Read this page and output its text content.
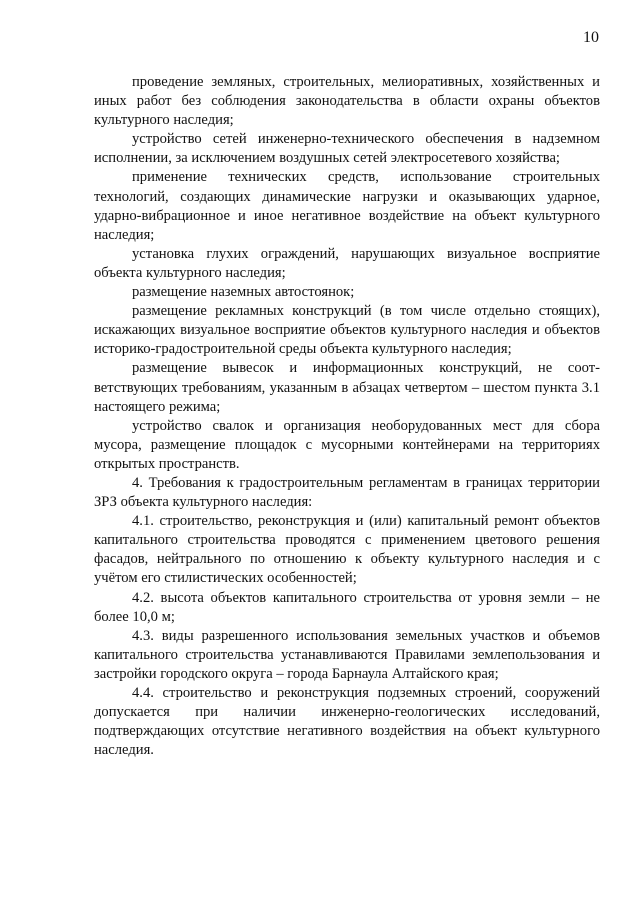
10

проведение земляных, строительных, мелиоративных, хозяйственных и иных работ без соблюдения законодательства в области охраны объектов культурного наследия;

устройство сетей инженерно-технического обеспечения в надземном исполнении, за исключением воздушных сетей электросетевого хозяйства;

применение технических средств, использование строительных технологий, создающих динамические нагрузки и оказывающих ударное, ударно-вибрационное и иное негативное воздействие на объект культурного наследия;

установка глухих ограждений, нарушающих визуальное восприятие объекта культурного наследия;

размещение наземных автостоянок;

размещение рекламных конструкций (в том числе отдельно стоящих), искажающих визуальное восприятие объектов культурного наследия и объектов историко-градостроительной среды объекта культурного наследия;

размещение вывесок и информационных конструкций, не соответствующих требованиям, указанным в абзацах четвертом – шестом пункта 3.1 настоящего режима;

устройство свалок и организация необорудованных мест для сбора мусора, размещение площадок с мусорными контейнерами на территориях открытых пространств.

4. Требования к градостроительным регламентам в границах территории ЗРЗ объекта культурного наследия:

4.1. строительство, реконструкция и (или) капитальный ремонт объектов капитального строительства проводятся с применением цветового решения фасадов, нейтрального по отношению к объекту культурного наследия и с учётом его стилистических особенностей;

4.2. высота объектов капитального строительства от уровня земли – не более 10,0 м;

4.3. виды разрешенного использования земельных участков и объемов капитального строительства устанавливаются Правилами землепользования и застройки городского округа – города Барнаула Алтайского края;

4.4. строительство и реконструкция подземных строений, сооружений допускается при наличии инженерно-геологических исследований, подтверждающих отсутствие негативного воздействия на объект культурного наследия.
